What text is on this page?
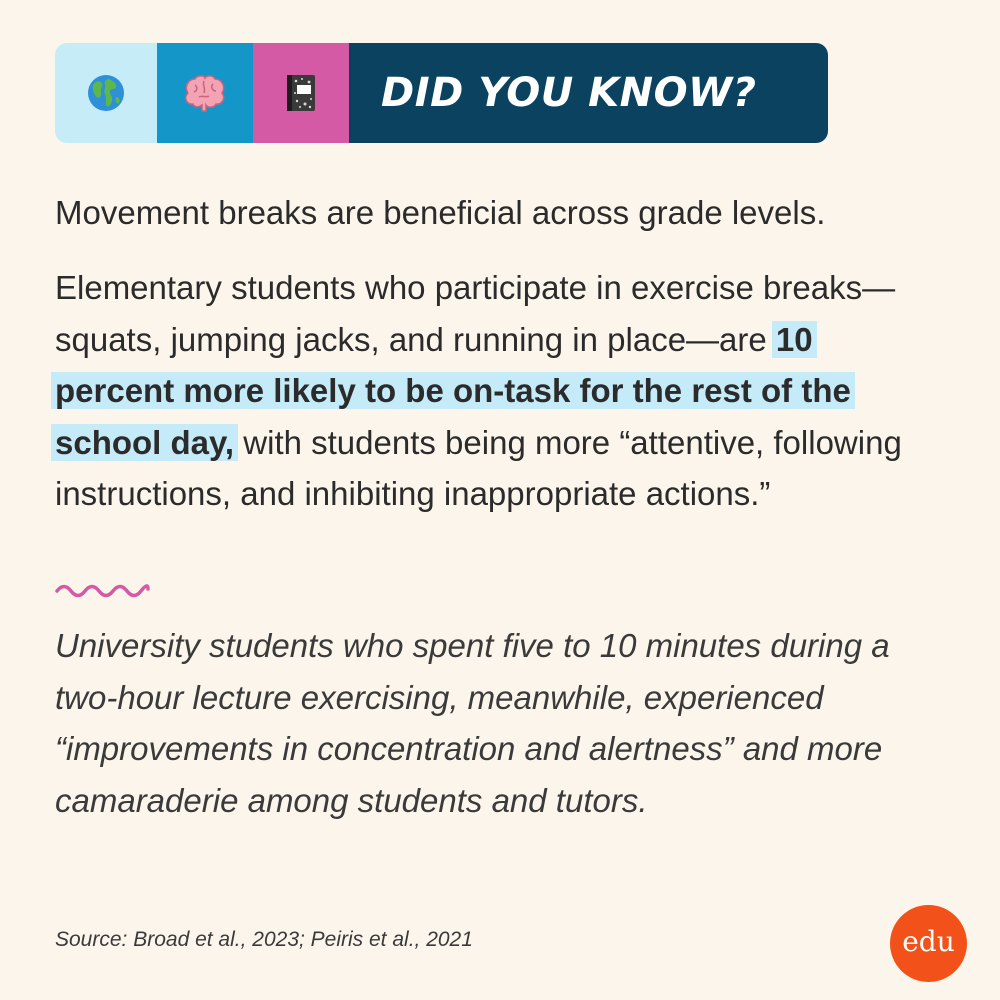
DID YOU KNOW?

Movement breaks are beneficial across grade levels.

Elementary students who participate in exercise breaks—squats, jumping jacks, and running in place—are 10 percent more likely to be on-task for the rest of the school day, with students being more “attentive, following instructions, and inhibiting inappropriate actions.”

University students who spent five to 10 minutes during a two-hour lecture exercising, meanwhile, experienced “improvements in concentration and alertness” and more camaraderie among students and tutors.

Source: Broad et al., 2023; Peiris et al., 2021	edu
